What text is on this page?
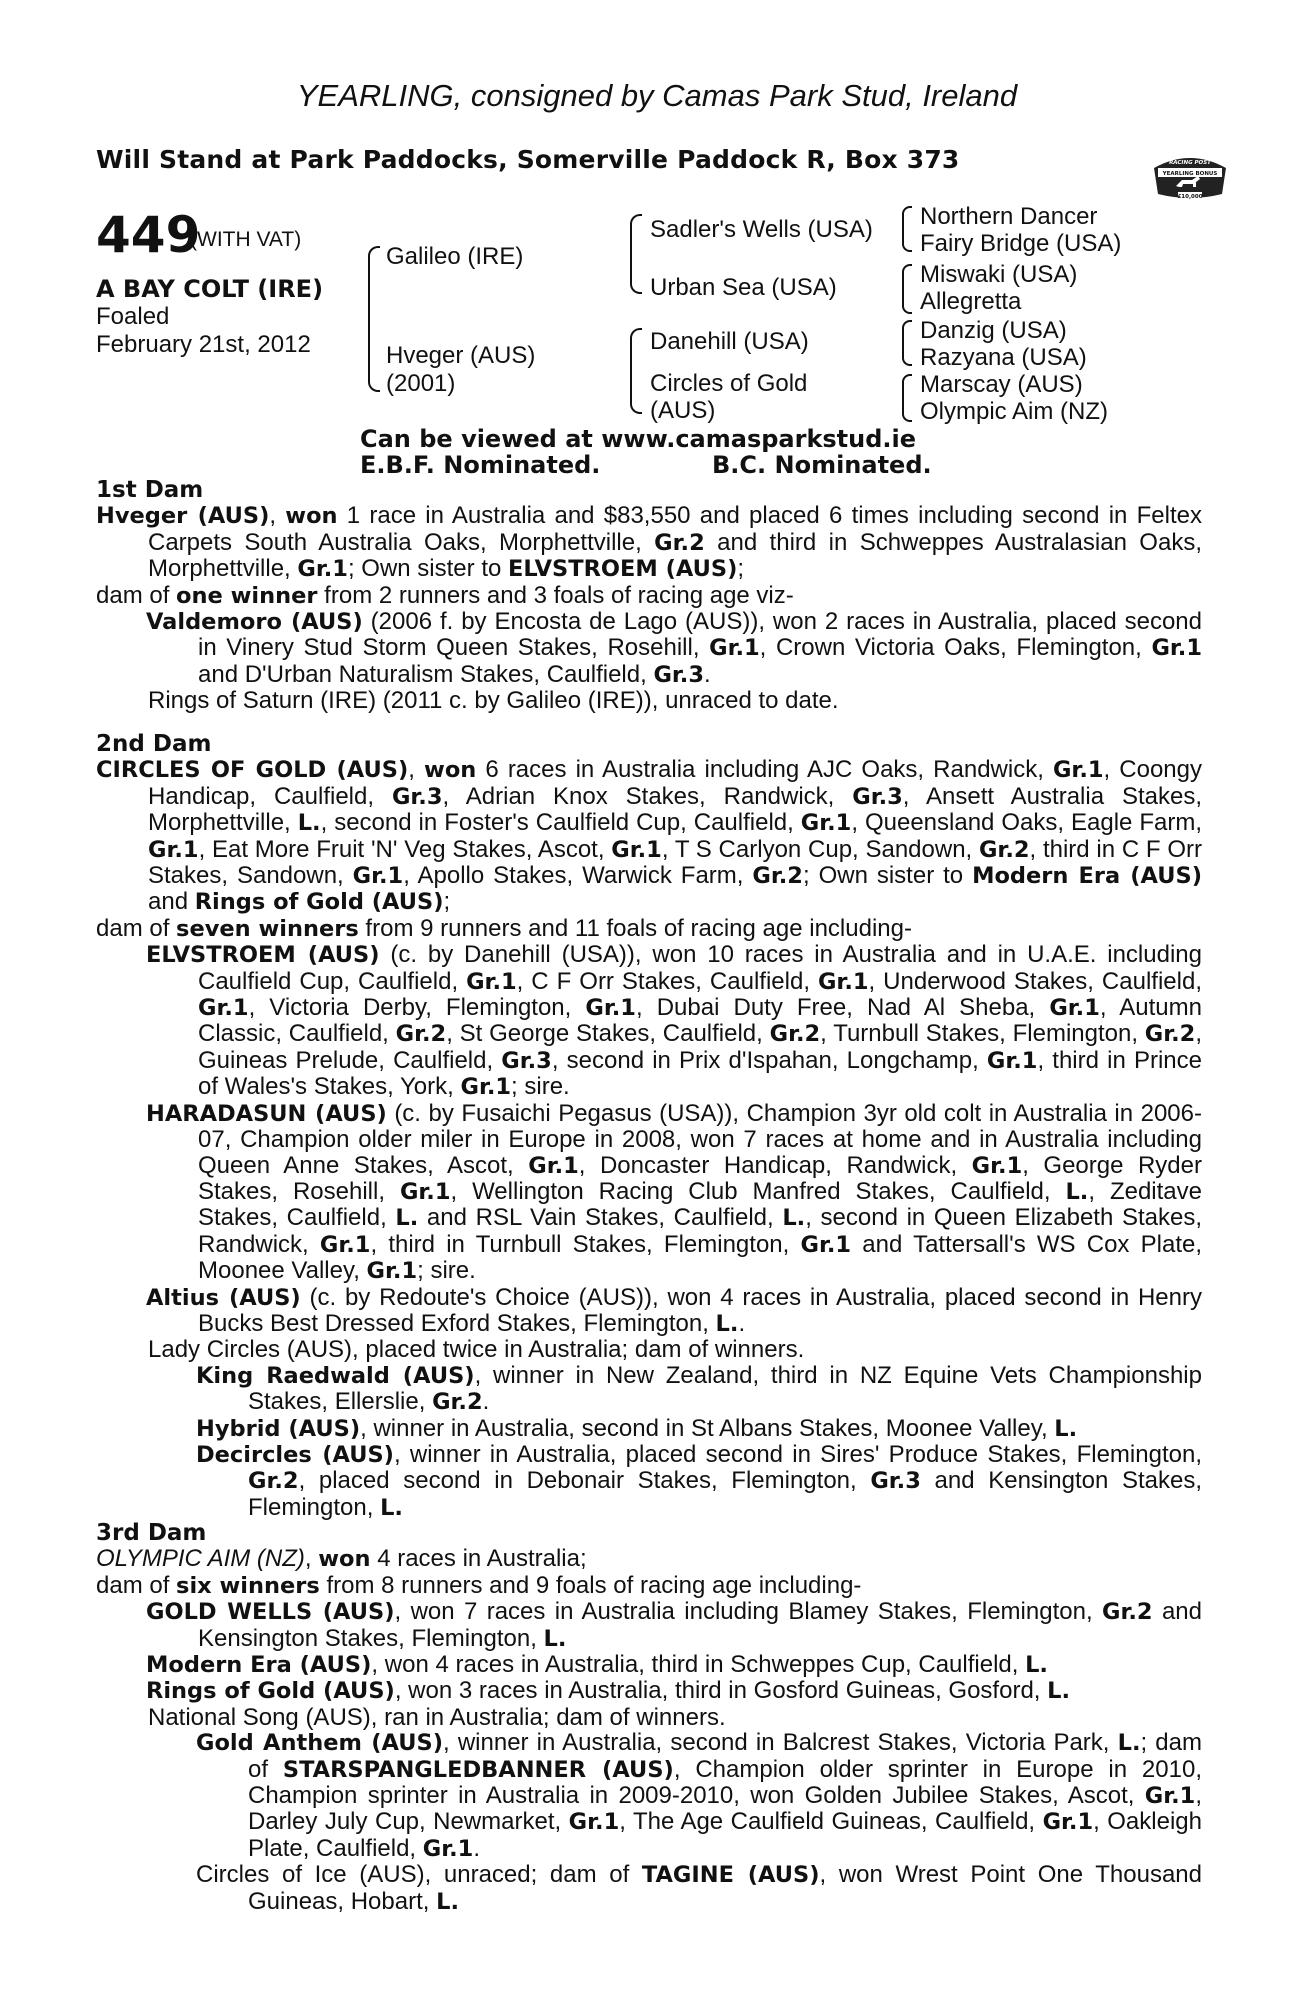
YEARLING, consigned by Camas Park Stud, Ireland
Will Stand at Park Paddocks, Somerville Paddock R, Box 373	RACING POST
YEARLING BONUS
£10,000
449
(WITH VAT)
A BAY COLT (IRE)
Foaled
February 21st, 2012
Galileo (IRE)
Hveger (AUS)
(2001)
Sadler's Wells (USA)
Urban Sea (USA)
Danehill (USA)
Circles of Gold
(AUS)
Northern Dancer
Fairy Bridge (USA)
Miswaki (USA)
Allegretta
Danzig (USA)
Razyana (USA)
Marscay (AUS)
Olympic Aim (NZ)
Can be viewed at www.camasparkstud.ie
E.B.F. Nominated.	B.C. Nominated.

1st Dam

Hveger (AUS), won 1 race in Australia and $83,550 and placed 6 times including second in Feltex Carpets South Australia Oaks, Morphettville, Gr.2 and third in Schweppes Australasian Oaks, Morphettville, Gr.1; Own sister to ELVSTROEM (AUS);

dam of one winner from 2 runners and 3 foals of racing age viz-

Valdemoro (AUS) (2006 f. by Encosta de Lago (AUS)), won 2 races in Australia, placed second in Vinery Stud Storm Queen Stakes, Rosehill, Gr.1, Crown Victoria Oaks, Flemington, Gr.1 and D'Urban Naturalism Stakes, Caulfield, Gr.3.

Rings of Saturn (IRE) (2011 c. by Galileo (IRE)), unraced to date.

2nd Dam

CIRCLES OF GOLD (AUS), won 6 races in Australia including AJC Oaks, Randwick, Gr.1, Coongy Handicap, Caulfield, Gr.3, Adrian Knox Stakes, Randwick, Gr.3, Ansett Australia Stakes, Morphettville, L., second in Foster's Caulfield Cup, Caulfield, Gr.1, Queensland Oaks, Eagle Farm, Gr.1, Eat More Fruit 'N' Veg Stakes, Ascot, Gr.1, T S Carlyon Cup, Sandown, Gr.2, third in C F Orr Stakes, Sandown, Gr.1, Apollo Stakes, Warwick Farm, Gr.2; Own sister to Modern Era (AUS) and Rings of Gold (AUS);

dam of seven winners from 9 runners and 11 foals of racing age including-

ELVSTROEM (AUS) (c. by Danehill (USA)), won 10 races in Australia and in U.A.E. including Caulfield Cup, Caulfield, Gr.1, C F Orr Stakes, Caulfield, Gr.1, Underwood Stakes, Caulfield, Gr.1, Victoria Derby, Flemington, Gr.1, Dubai Duty Free, Nad Al Sheba, Gr.1, Autumn Classic, Caulfield, Gr.2, St George Stakes, Caulfield, Gr.2, Turnbull Stakes, Flemington, Gr.2, Guineas Prelude, Caulfield, Gr.3, second in Prix d'Ispahan, Longchamp, Gr.1, third in Prince of Wales's Stakes, York, Gr.1; sire.

HARADASUN (AUS) (c. by Fusaichi Pegasus (USA)), Champion 3yr old colt in Australia in 2006-07, Champion older miler in Europe in 2008, won 7 races at home and in Australia including Queen Anne Stakes, Ascot, Gr.1, Doncaster Handicap, Randwick, Gr.1, George Ryder Stakes, Rosehill, Gr.1, Wellington Racing Club Manfred Stakes, Caulfield, L., Zeditave Stakes, Caulfield, L. and RSL Vain Stakes, Caulfield, L., second in Queen Elizabeth Stakes, Randwick, Gr.1, third in Turnbull Stakes, Flemington, Gr.1 and Tattersall's WS Cox Plate, Moonee Valley, Gr.1; sire.

Altius (AUS) (c. by Redoute's Choice (AUS)), won 4 races in Australia, placed second in Henry Bucks Best Dressed Exford Stakes, Flemington, L..

Lady Circles (AUS), placed twice in Australia; dam of winners.

King Raedwald (AUS), winner in New Zealand, third in NZ Equine Vets Championship Stakes, Ellerslie, Gr.2.

Hybrid (AUS), winner in Australia, second in St Albans Stakes, Moonee Valley, L.

Decircles (AUS), winner in Australia, placed second in Sires' Produce Stakes, Flemington, Gr.2, placed second in Debonair Stakes, Flemington, Gr.3 and Kensington Stakes, Flemington, L.

3rd Dam

OLYMPIC AIM (NZ), won 4 races in Australia;

dam of six winners from 8 runners and 9 foals of racing age including-

GOLD WELLS (AUS), won 7 races in Australia including Blamey Stakes, Flemington, Gr.2 and Kensington Stakes, Flemington, L.

Modern Era (AUS), won 4 races in Australia, third in Schweppes Cup, Caulfield, L.

Rings of Gold (AUS), won 3 races in Australia, third in Gosford Guineas, Gosford, L.

National Song (AUS), ran in Australia; dam of winners.

Gold Anthem (AUS), winner in Australia, second in Balcrest Stakes, Victoria Park, L.; dam of STARSPANGLEDBANNER (AUS), Champion older sprinter in Europe in 2010, Champion sprinter in Australia in 2009-2010, won Golden Jubilee Stakes, Ascot, Gr.1, Darley July Cup, Newmarket, Gr.1, The Age Caulfield Guineas, Caulfield, Gr.1, Oakleigh Plate, Caulfield, Gr.1.

Circles of Ice (AUS), unraced; dam of TAGINE (AUS), won Wrest Point One Thousand Guineas, Hobart, L.
